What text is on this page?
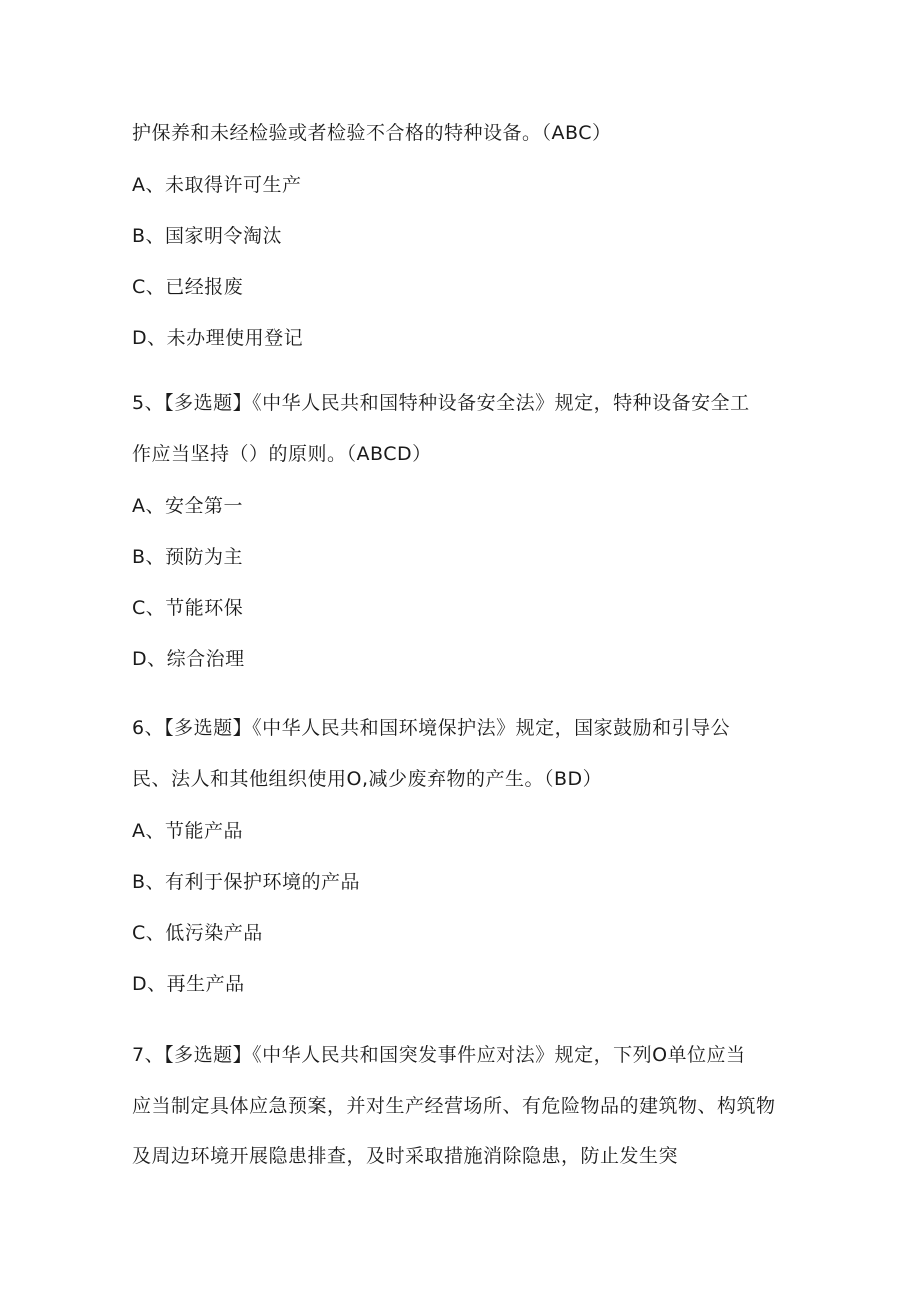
护保养和未经检验或者检验不合格的特种设备。（ABC）
A、未取得许可生产
B、国家明令淘汰
C、已经报废
D、未办理使用登记
5、【多选题】《中华人民共和国特种设备安全法》规定，特种设备安全工
作应当坚持（）的原则。（ABCD）
A、安全第一
B、预防为主
C、节能环保
D、综合治理
6、【多选题】《中华人民共和国环境保护法》规定，国家鼓励和引导公
民、法人和其他组织使用O,减少废弃物的产生。（BD）
A、节能产品
B、有利于保护环境的产品
C、低污染产品
D、再生产品
7、【多选题】《中华人民共和国突发事件应对法》规定，下列O单位应当
应当制定具体应急预案，并对生产经营场所、有危险物品的建筑物、构筑物
及周边环境开展隐患排查，及时采取措施消除隐患，防止发生突
